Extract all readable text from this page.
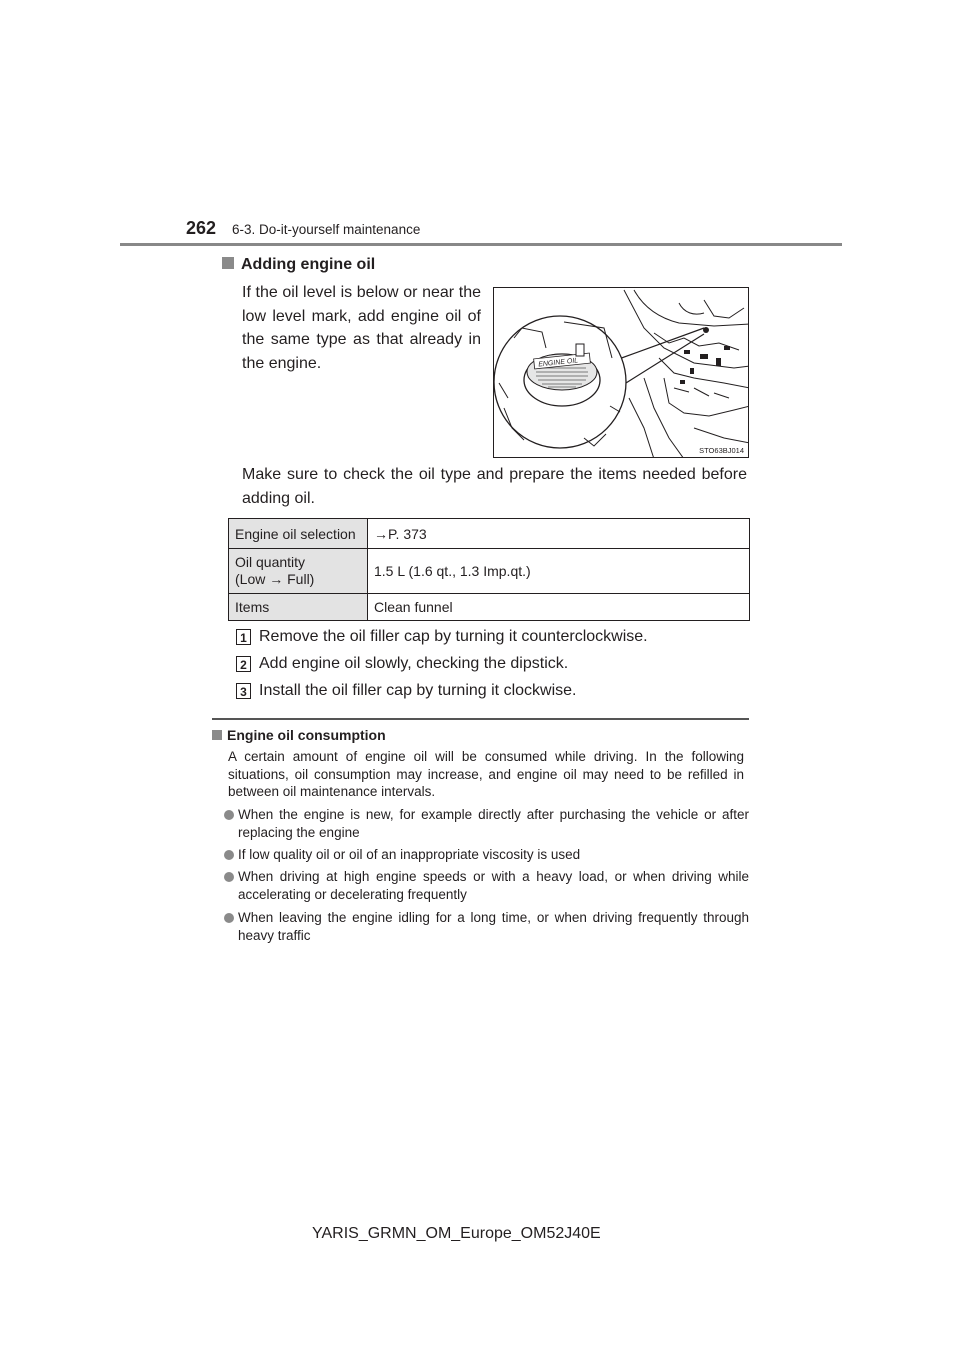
262 6-3. Do-it-yourself maintenance
Adding engine oil
If the oil level is below or near the low level mark, add engine oil of the same type as that already in the engine.	ENGINE OIL
STO63BJ014
Make sure to check the oil type and prepare the items needed before adding oil.
Engine oil selection	→P. 373

Oil quantity
(Low → Full)	1.5 L (1.6 qt., 1.3 Imp.qt.)
Items	Clean funnel
1 Remove the oil filler cap by turning it counterclockwise.
2 Add engine oil slowly, checking the dipstick.
3 Install the oil filler cap by turning it clockwise.
Engine oil consumption
A certain amount of engine oil will be consumed while driving. In the following situations, oil consumption may increase, and engine oil may need to be refilled in between oil maintenance intervals.
When the engine is new, for example directly after purchasing the vehicle or after replacing the engine
If low quality oil or oil of an inappropriate viscosity is used
When driving at high engine speeds or with a heavy load, or when driving while accelerating or decelerating frequently
When leaving the engine idling for a long time, or when driving frequently through heavy traffic
YARIS_GRMN_OM_Europe_OM52J40E
